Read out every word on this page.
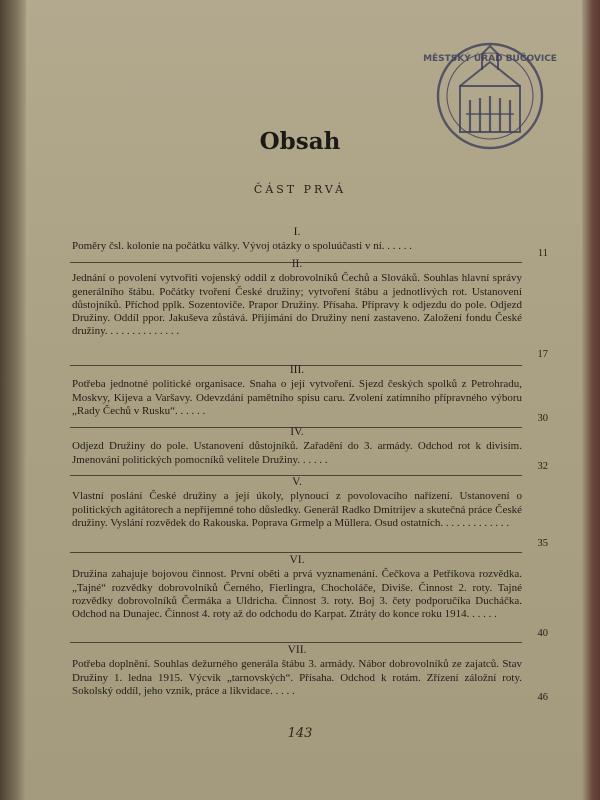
MĚSTSKÝ ÚŘAD BUČOVICE
Obsah
ČÁST PRVÁ
I.
Poměry čsl. kolonie na počátku války. Vývoj otázky o spoluúčasti v ní. . . . . .
11
II.
Jednání o povolení vytvořiti vojenský oddíl z dobrovolníků Čechů a Slováků. Souhlas hlavní správy generálního štábu. Počátky tvoření České družiny; vytvoření štábu a jednotlivých rot. Ustanovení důstojníků. Příchod pplk. Sozentoviče. Prapor Družiny. Přísaha. Přípravy k odjezdu do pole. Odjezd Družiny. Oddíl ppor. Jakuševa zůstává. Přijímání do Družiny není zastaveno. Založení fondu České družiny. . . . . . . . . . . . . .
17
III.
Potřeba jednotné politické organisace. Snaha o její vytvoření. Sjezd českých spolků z Petrohradu, Moskvy, Kijeva a Varšavy. Odevzdání pamětního spisu caru. Zvolení zatímního přípravného výboru „Rady Čechů v Rusku“. . . . . .
30
IV.
Odjezd Družiny do pole. Ustanovení důstojníků. Zařadění do 3. armády. Odchod rot k divisím. Jmenování politických pomocníků velitele Družiny. . . . . .
32
V.
Vlastní poslání České družiny a její úkoly, plynoucí z povolovacího nařízení. Ustanovení o politických agitátorech a nepříjemné toho důsledky. Generál Radko Dmitrijev a skutečná práce České družiny. Vyslání rozvědek do Rakouska. Poprava Grmelp a Müllera. Osud ostatních. . . . . . . . . . . . .
35
VI.
Družina zahajuje bojovou činnost. První oběti a prvá vyznamenání. Čečkova a Petříkova rozvědka. „Tajné“ rozvědky dobrovolníků Černého, Fierlingra, Chocholáče, Diviše. Činnost 2. roty. Tajné rozvědky dobrovolníků Čermáka a Uldricha. Činnost 3. roty. Boj 3. čety podporučíka Ducháčka. Odchod na Dunajec. Činnost 4. roty až do odchodu do Karpat. Ztráty do konce roku 1914. . . . . .
40
VII.
Potřeba doplnění. Souhlas dežurného generála štábu 3. armády. Nábor dobrovolníků ze zajatců. Stav Družiny 1. ledna 1915. Výcvik „tarnovských“. Přísaha. Odchod k rotám. Zřízení záložní roty. Sokolský oddíl, jeho vznik, práce a likvidace. . . . .
46
143
